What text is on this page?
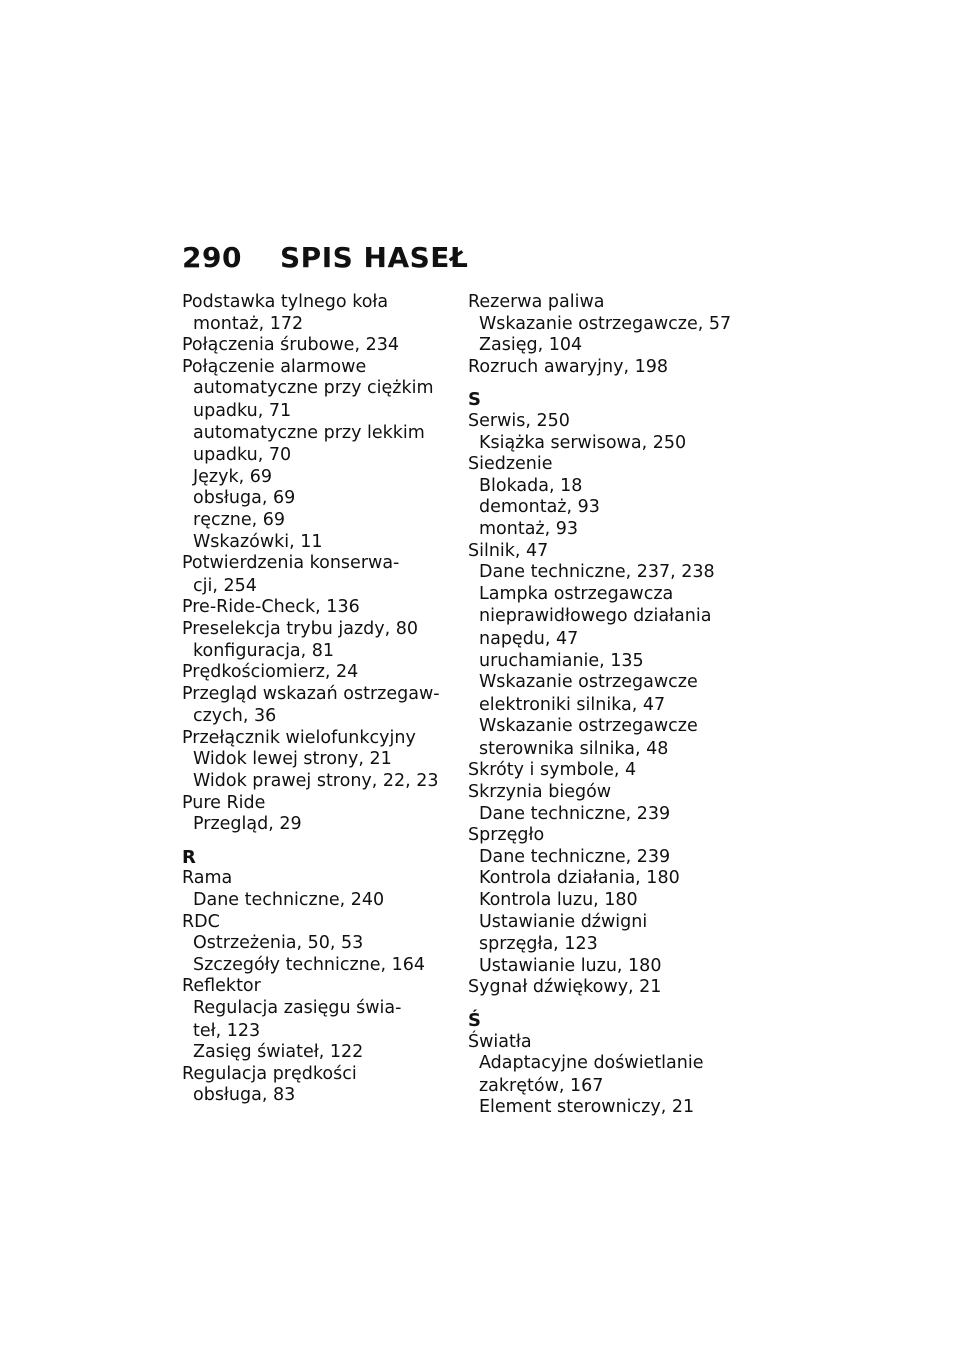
290 SPIS HASEŁ
Podstawka tylnego koła
montaż, 172
Połączenia śrubowe, 234
Połączenie alarmowe
automatyczne przy ciężkim
upadku, 71
automatyczne przy lekkim
upadku, 70
Język, 69
obsługa, 69
ręczne, 69
Wskazówki, 11
Potwierdzenia konserwa-
cji, 254
Pre-Ride-Check, 136
Preselekcja trybu jazdy, 80
konfiguracja, 81
Prędkościomierz, 24
Przegląd wskazań ostrzegaw-
czych, 36
Przełącznik wielofunkcyjny
Widok lewej strony, 21
Widok prawej strony, 22, 23
Pure Ride
Przegląd, 29
R
Rama
Dane techniczne, 240
RDC
Ostrzeżenia, 50, 53
Szczegóły techniczne, 164
Reflektor
Regulacja zasięgu świa-
teł, 123
Zasięg świateł, 122
Regulacja prędkości
obsługa, 83
Rezerwa paliwa
Wskazanie ostrzegawcze, 57
Zasięg, 104
Rozruch awaryjny, 198
S
Serwis, 250
Książka serwisowa, 250
Siedzenie
Blokada, 18
demontaż, 93
montaż, 93
Silnik, 47
Dane techniczne, 237, 238
Lampka ostrzegawcza
nieprawidłowego działania
napędu, 47
uruchamianie, 135
Wskazanie ostrzegawcze
elektroniki silnika, 47
Wskazanie ostrzegawcze
sterownika silnika, 48
Skróty i symbole, 4
Skrzynia biegów
Dane techniczne, 239
Sprzęgło
Dane techniczne, 239
Kontrola działania, 180
Kontrola luzu, 180
Ustawianie dźwigni
sprzęgła, 123
Ustawianie luzu, 180
Sygnał dźwiękowy, 21
Ś
Światła
Adaptacyjne doświetlanie
zakrętów, 167
Element sterowniczy, 21
